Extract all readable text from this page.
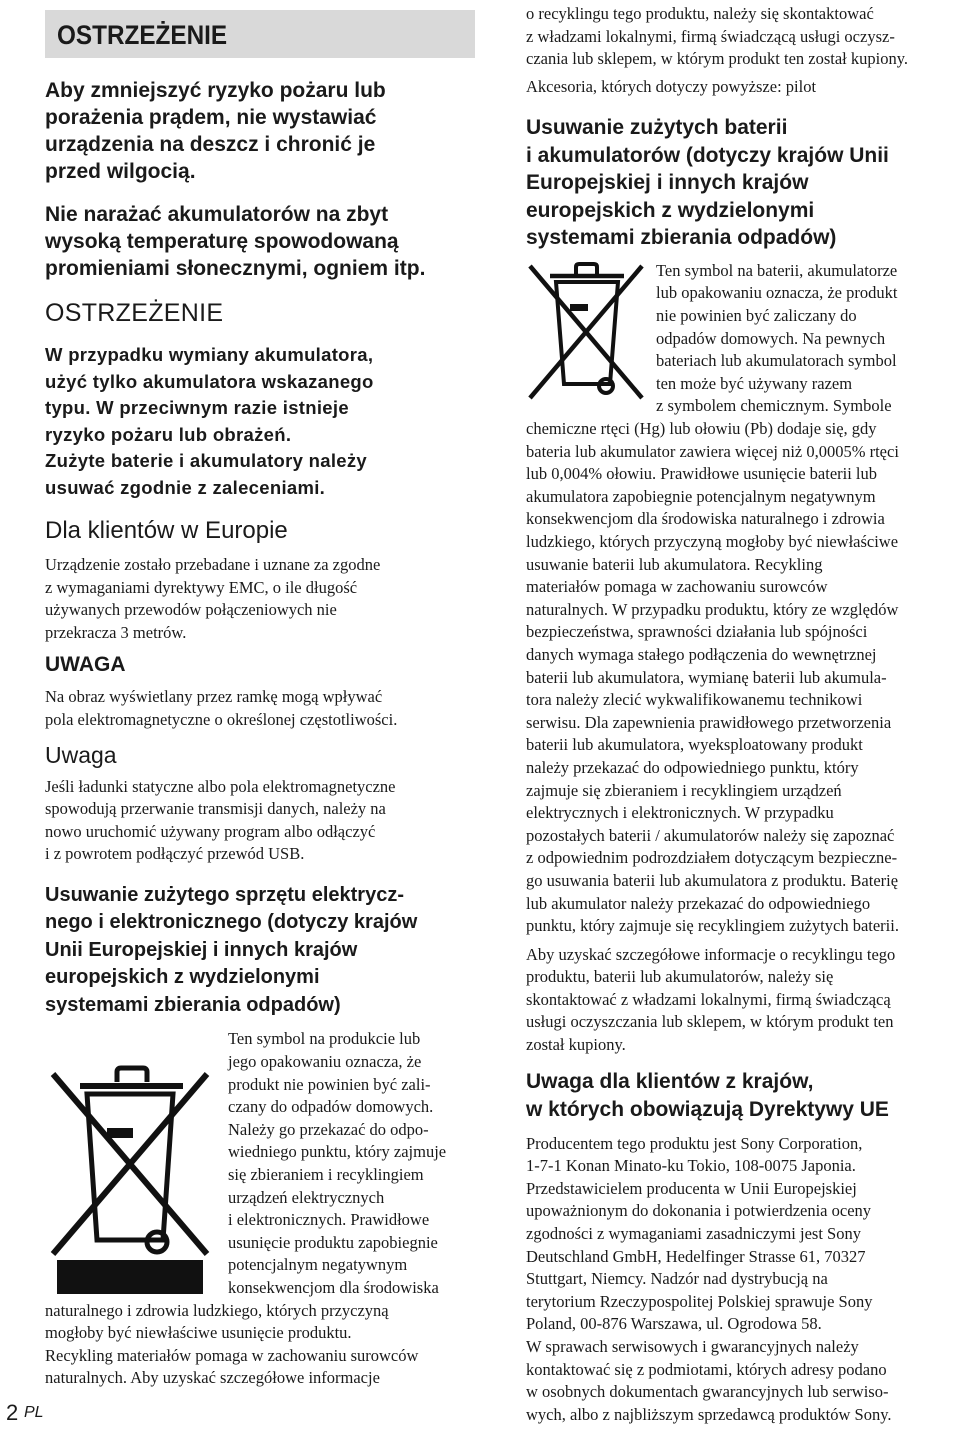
OSTRZEŻENIE

Aby zmniejszyć ryzyko pożaru lub
porażenia prądem, nie wystawiać
urządzenia na deszcz i chronić je
przed wilgocią.

Nie narażać akumulatorów na zbyt
wysoką temperaturę spowodowaną
promieniami słonecznymi, ogniem itp.

OSTRZEŻENIE

W przypadku wymiany akumulatora,
użyć tylko akumulatora wskazanego
typu. W przeciwnym razie istnieje
ryzyko pożaru lub obrażeń.
Zużyte baterie i akumulatory należy
usuwać zgodnie z zaleceniami.

Dla klientów w Europie

Urządzenie zostało przebadane i uznane za zgodne
z wymaganiami dyrektywy EMC, o ile długość
używanych przewodów połączeniowych nie
przekracza 3 metrów.

UWAGA

Na obraz wyświetlany przez ramkę mogą wpływać
pola elektromagnetyczne o określonej częstotliwości.

Uwaga

Jeśli ładunki statyczne albo pola elektromagnetyczne
spowodują przerwanie transmisji danych, należy na
nowo uruchomić używany program albo odłączyć
i z powrotem podłączyć przewód USB.

Usuwanie zużytego sprzętu elektrycz-
nego i elektronicznego (dotyczy krajów
Unii Europejskiej i innych krajów
europejskich z wydzielonymi
systemami zbierania odpadów)

Ten symbol na produkcie lub
jego opakowaniu oznacza, że
produkt nie powinien być zali-
czany do odpadów domowych.
Należy go przekazać do odpo-
wiedniego punktu, który zajmuje
się zbieraniem i recyklingiem
urządzeń elektrycznych
i elektronicznych. Prawidłowe
usunięcie produktu zapobiegnie
potencjalnym negatywnym
konsekwencjom dla środowiska

naturalnego i zdrowia ludzkiego, których przyczyną
mogłoby być niewłaściwe usunięcie produktu.
Recykling materiałów pomaga w zachowaniu surowców
naturalnych. Aby uzyskać szczegółowe informacje

o recyklingu tego produktu, należy się skontaktować
z władzami lokalnymi, firmą świadczącą usługi oczysz-
czania lub sklepem, w którym produkt ten został kupiony.

Akcesoria, których dotyczy powyższe: pilot

Usuwanie zużytych baterii
i akumulatorów (dotyczy krajów Unii
Europejskiej i innych krajów
europejskich z wydzielonymi
systemami zbierania odpadów)

Ten symbol na baterii, akumulatorze
lub opakowaniu oznacza, że produkt
nie powinien być zaliczany do
odpadów domowych. Na pewnych
bateriach lub akumulatorach symbol
ten może być używany razem
z symbolem chemicznym. Symbole

chemiczne rtęci (Hg) lub ołowiu (Pb) dodaje się, gdy
bateria lub akumulator zawiera więcej niż 0,0005% rtęci
lub 0,004% ołowiu. Prawidłowe usunięcie baterii lub
akumulatora zapobiegnie potencjalnym negatywnym
konsekwencjom dla środowiska naturalnego i zdrowia
ludzkiego, których przyczyną mogłoby być niewłaściwe
usuwanie baterii lub akumulatora. Recykling
materiałów pomaga w zachowaniu surowców
naturalnych. W przypadku produktu, który ze względów
bezpieczeństwa, sprawności działania lub spójności
danych wymaga stałego podłączenia do wewnętrznej
baterii lub akumulatora, wymianę baterii lub akumula-
tora należy zlecić wykwalifikowanemu technikowi
serwisu. Dla zapewnienia prawidłowego przetworzenia
baterii lub akumulatora, wyeksploatowany produkt
należy przekazać do odpowiedniego punktu, który
zajmuje się zbieraniem i recyklingiem urządzeń
elektrycznych i elektronicznych. W przypadku
pozostałych baterii / akumulatorów należy się zapoznać
z odpowiednim podrozdziałem dotyczącym bezpieczne-
go usuwania baterii lub akumulatora z produktu. Baterię
lub akumulator należy przekazać do odpowiedniego
punktu, który zajmuje się recyklingiem zużytych baterii.

Aby uzyskać szczegółowe informacje o recyklingu tego
produktu, baterii lub akumulatorów, należy się
skontaktować z władzami lokalnymi, firmą świadczącą
usługi oczyszczania lub sklepem, w którym produkt ten
został kupiony.

Uwaga dla klientów z krajów,
w których obowiązują Dyrektywy UE

Producentem tego produktu jest Sony Corporation,
1-7-1 Konan Minato-ku Tokio, 108-0075 Japonia.
Przedstawicielem producenta w Unii Europejskiej
upoważnionym do dokonania i potwierdzenia oceny
zgodności z wymaganiami zasadniczymi jest Sony
Deutschland GmbH, Hedelfinger Strasse 61, 70327
Stuttgart, Niemcy. Nadzór nad dystrybucją na
terytorium Rzeczypospolitej Polskiej sprawuje Sony
Poland, 00-876 Warszawa, ul. Ogrodowa 58.
W sprawach serwisowych i gwarancyjnych należy
kontaktować się z podmiotami, których adresy podano
w osobnych dokumentach gwarancyjnych lub serwiso-
wych, albo z najbliższym sprzedawcą produktów Sony.

2 PL
